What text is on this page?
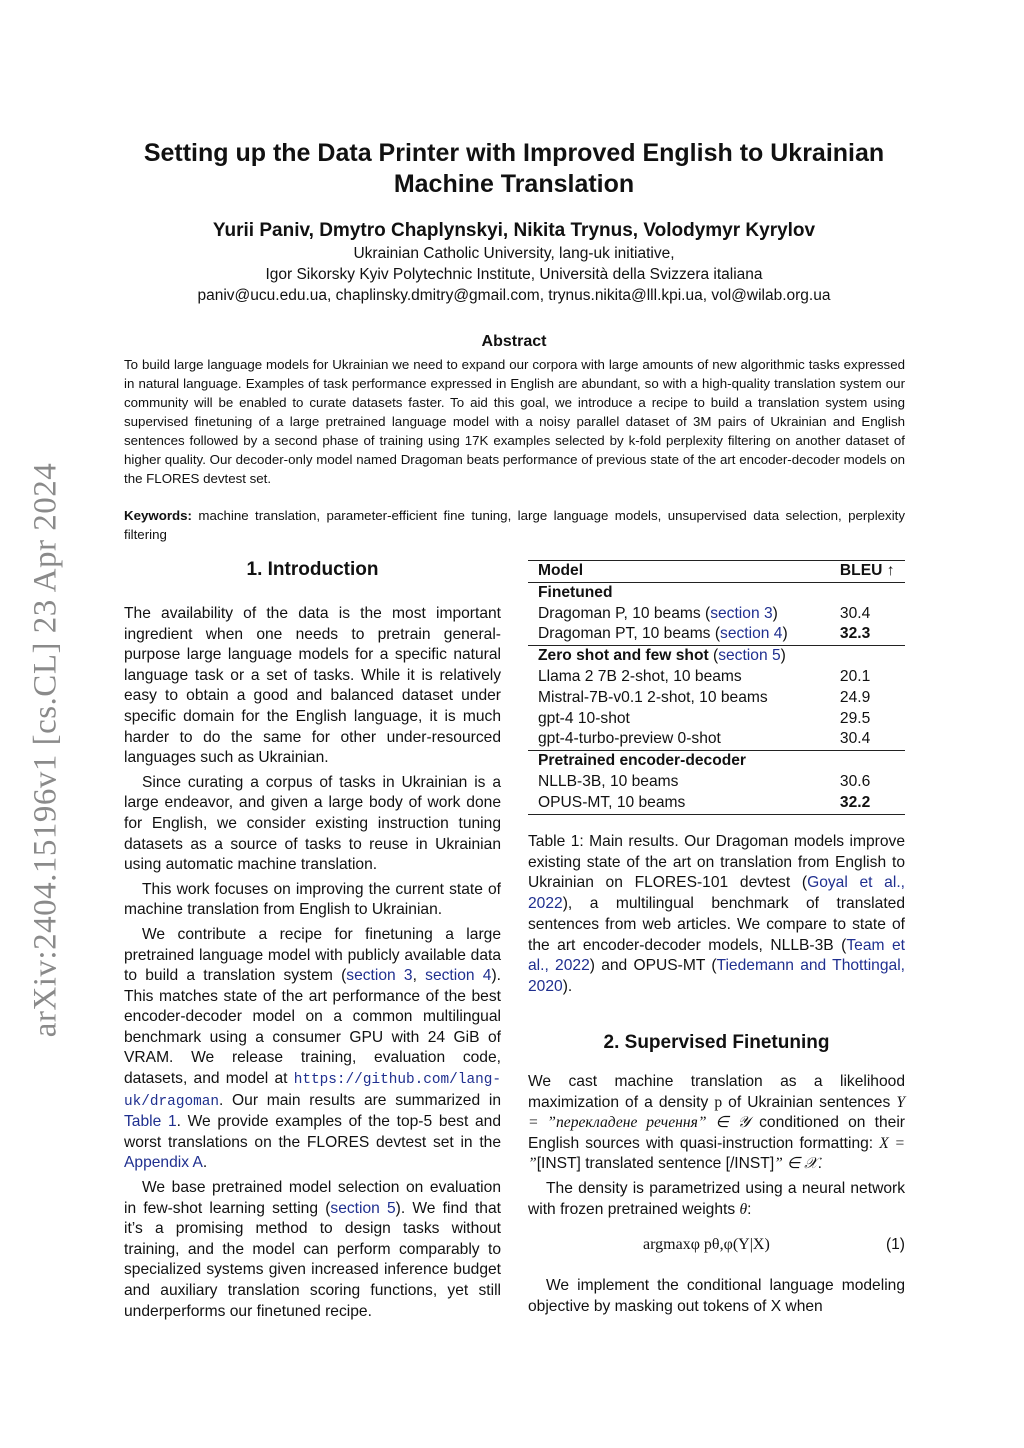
arXiv:2404.15196v1 [cs.CL] 23 Apr 2024
Setting up the Data Printer with Improved English to Ukrainian
Machine Translation
Yurii Paniv, Dmytro Chaplynskyi, Nikita Trynus, Volodymyr Kyrylov
Ukrainian Catholic University, lang-uk initiative,
Igor Sikorsky Kyiv Polytechnic Institute, Università della Svizzera italiana
paniv@ucu.edu.ua, chaplinsky.dmitry@gmail.com, trynus.nikita@lll.kpi.ua, vol@wilab.org.ua
Abstract
To build large language models for Ukrainian we need to expand our corpora with large amounts of new algorithmic tasks expressed in natural language. Examples of task performance expressed in English are abundant, so with a high-quality translation system our community will be enabled to curate datasets faster. To aid this goal, we introduce a recipe to build a translation system using supervised finetuning of a large pretrained language model with a noisy parallel dataset of 3M pairs of Ukrainian and English sentences followed by a second phase of training using 17K examples selected by k-fold perplexity filtering on another dataset of higher quality. Our decoder-only model named Dragoman beats performance of previous state of the art encoder-decoder models on the FLORES devtest set.
Keywords: machine translation, parameter-efficient fine tuning, large language models, unsupervised data selection, perplexity filtering
1. Introduction

The availability of the data is the most important ingredient when one needs to pretrain general-purpose large language models for a specific natural language task or a set of tasks. While it is relatively easy to obtain a good and balanced dataset under specific domain for the English language, it is much harder to do the same for other under-resourced languages such as Ukrainian.

Since curating a corpus of tasks in Ukrainian is a large endeavor, and given a large body of work done for English, we consider existing instruction tuning datasets as a source of tasks to reuse in Ukrainian using automatic machine translation.

This work focuses on improving the current state of machine translation from English to Ukrainian.

We contribute a recipe for finetuning a large pretrained language model with publicly available data to build a translation system (section 3, section 4). This matches state of the art performance of the best encoder-decoder model on a common multilingual benchmark using a consumer GPU with 24 GiB of VRAM. We release training, evaluation code, datasets, and model at https://github.com/lang-uk/dragoman. Our main results are summarized in Table 1. We provide examples of the top-5 best and worst translations on the FLORES devtest set in the Appendix A.

We base pretrained model selection on evaluation in few-shot learning setting (section 5). We find that it’s a promising method to design tasks without training, and the model can perform comparably to specialized systems given increased inference budget and auxiliary translation scoring functions, yet still underperforms our finetuned recipe.

Model	BLEU ↑
Finetuned	
Dragoman P, 10 beams (section 3)	30.4
Dragoman PT, 10 beams (section 4)	32.3
Zero shot and few shot (section 5)	
Llama 2 7B 2-shot, 10 beams	20.1
Mistral-7B-v0.1 2-shot, 10 beams	24.9
gpt-4 10-shot	29.5
gpt-4-turbo-preview 0-shot	30.4
Pretrained encoder-decoder	
NLLB-3B, 10 beams	30.6
OPUS-MT, 10 beams	32.2
Table 1: Main results. Our Dragoman models improve existing state of the art on translation from English to Ukrainian on FLORES-101 devtest (Goyal et al., 2022), a multilingual benchmark of translated sentences from web articles. We compare to state of the art encoder-decoder models, NLLB-3B (Team et al., 2022) and OPUS-MT (Tiedemann and Thottingal, 2020).
2. Supervised Finetuning

We cast machine translation as a likelihood maximization of a density p of Ukrainian sentences Y = ”перекладене речення” ∈ 𝒴 conditioned on their English sources with quasi-instruction formatting: X = ”[INST] translated sentence [/INST]” ∈ 𝒳.

The density is parametrized using a neural network with frozen pretrained weights θ:

argmaxφ pθ,φ(Y|X)	(1)

We implement the conditional language modeling objective by masking out tokens of X when
